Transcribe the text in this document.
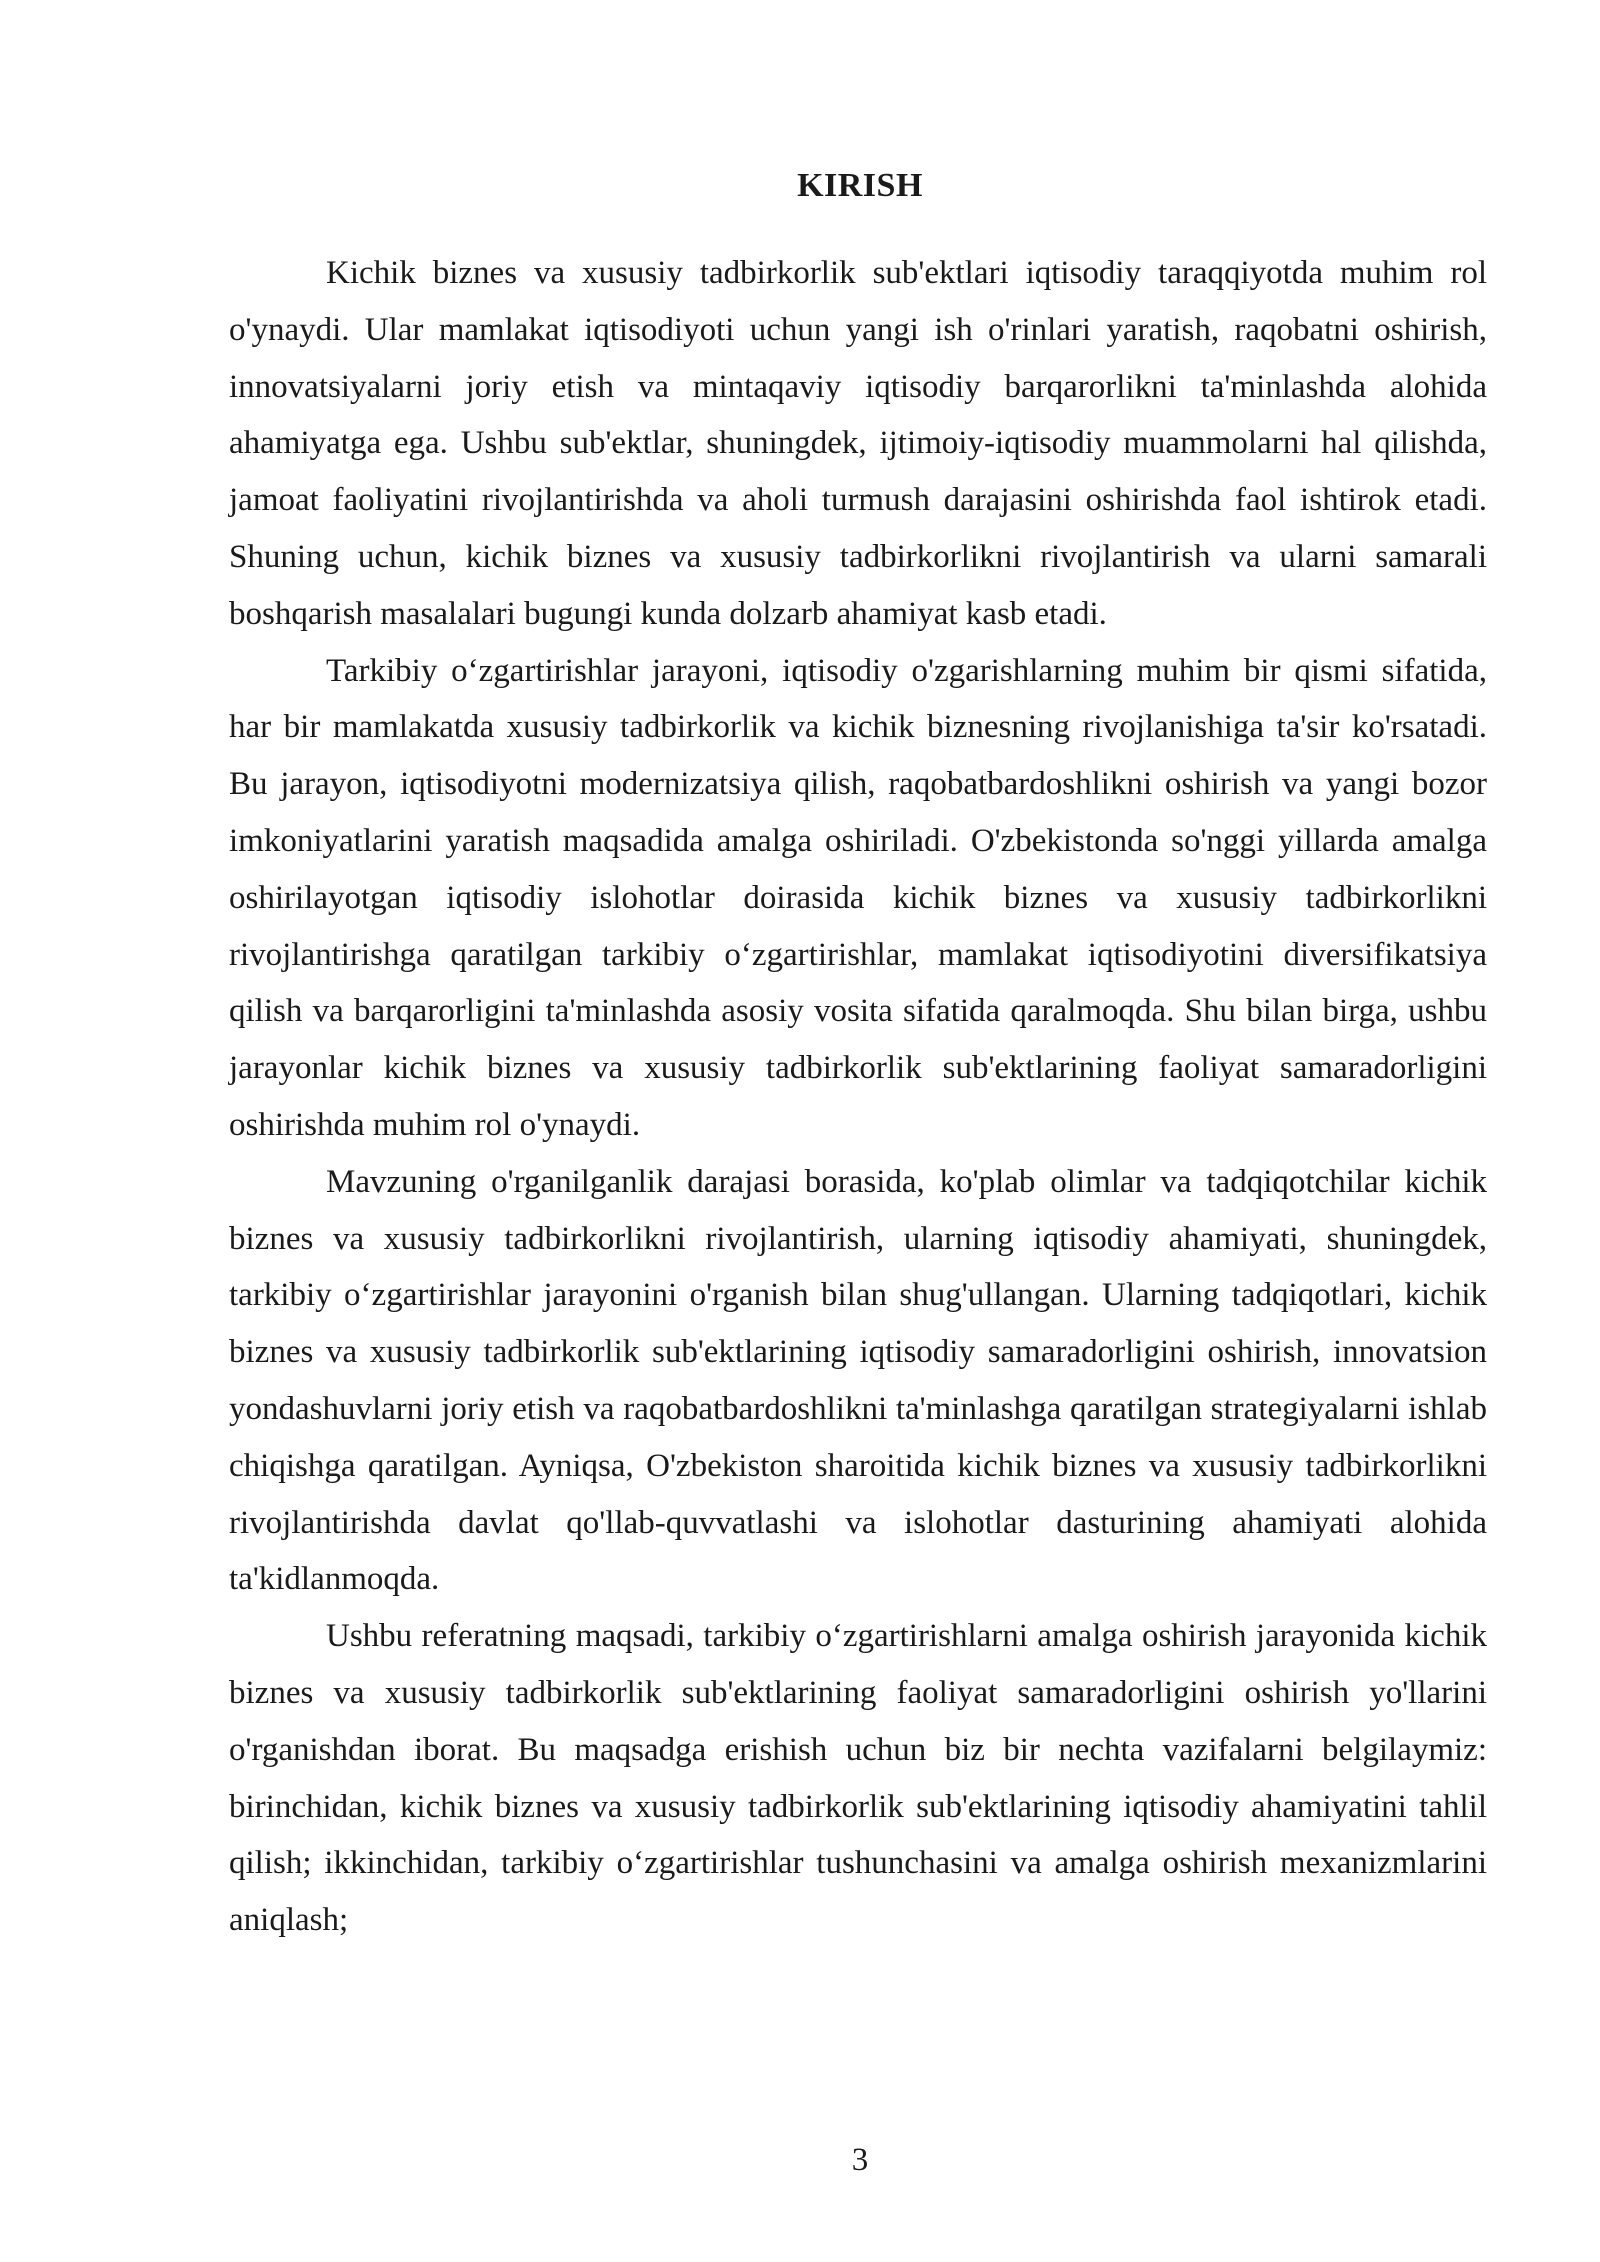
KIRISH

Kichik biznes va xususiy tadbirkorlik sub'ektlari iqtisodiy taraqqiyotda muhim rol o'ynaydi. Ular mamlakat iqtisodiyoti uchun yangi ish o'rinlari yaratish, raqobatni oshirish, innovatsiyalarni joriy etish va mintaqaviy iqtisodiy barqarorlikni ta'minlashda alohida ahamiyatga ega. Ushbu sub'ektlar, shuningdek, ijtimoiy-iqtisodiy muammolarni hal qilishda, jamoat faoliyatini rivojlantirishda va aholi turmush darajasini oshirishda faol ishtirok etadi. Shuning uchun, kichik biznes va xususiy tadbirkorlikni rivojlantirish va ularni samarali boshqarish masalalari bugungi kunda dolzarb ahamiyat kasb etadi.

Tarkibiy o‘zgartirishlar jarayoni, iqtisodiy o'zgarishlarning muhim bir qismi sifatida, har bir mamlakatda xususiy tadbirkorlik va kichik biznesning rivojlanishiga ta'sir ko'rsatadi. Bu jarayon, iqtisodiyotni modernizatsiya qilish, raqobatbardoshlikni oshirish va yangi bozor imkoniyatlarini yaratish maqsadida amalga oshiriladi. O'zbekistonda so'nggi yillarda amalga oshirilayotgan iqtisodiy islohotlar doirasida kichik biznes va xususiy tadbirkorlikni rivojlantirishga qaratilgan tarkibiy o‘zgartirishlar, mamlakat iqtisodiyotini diversifikatsiya qilish va barqarorligini ta'minlashda asosiy vosita sifatida qaralmoqda. Shu bilan birga, ushbu jarayonlar kichik biznes va xususiy tadbirkorlik sub'ektlarining faoliyat samaradorligini oshirishda muhim rol o'ynaydi.

Mavzuning o'rganilganlik darajasi borasida, ko'plab olimlar va tadqiqotchilar kichik biznes va xususiy tadbirkorlikni rivojlantirish, ularning iqtisodiy ahamiyati, shuningdek, tarkibiy o‘zgartirishlar jarayonini o'rganish bilan shug'ullangan. Ularning tadqiqotlari, kichik biznes va xususiy tadbirkorlik sub'ektlarining iqtisodiy samaradorligini oshirish, innovatsion yondashuvlarni joriy etish va raqobatbardoshlikni ta'minlashga qaratilgan strategiyalarni ishlab chiqishga qaratilgan. Ayniqsa, O'zbekiston sharoitida kichik biznes va xususiy tadbirkorlikni rivojlantirishda davlat qo'llab-quvvatlashi va islohotlar dasturining ahamiyati alohida ta'kidlanmoqda.

Ushbu referatning maqsadi, tarkibiy o‘zgartirishlarni amalga oshirish jarayonida kichik biznes va xususiy tadbirkorlik sub'ektlarining faoliyat samaradorligini oshirish yo'llarini o'rganishdan iborat. Bu maqsadga erishish uchun biz bir nechta vazifalarni belgilaymiz: birinchidan, kichik biznes va xususiy tadbirkorlik sub'ektlarining iqtisodiy ahamiyatini tahlil qilish; ikkinchidan, tarkibiy o‘zgartirishlar tushunchasini va amalga oshirish mexanizmlarini aniqlash;

3
